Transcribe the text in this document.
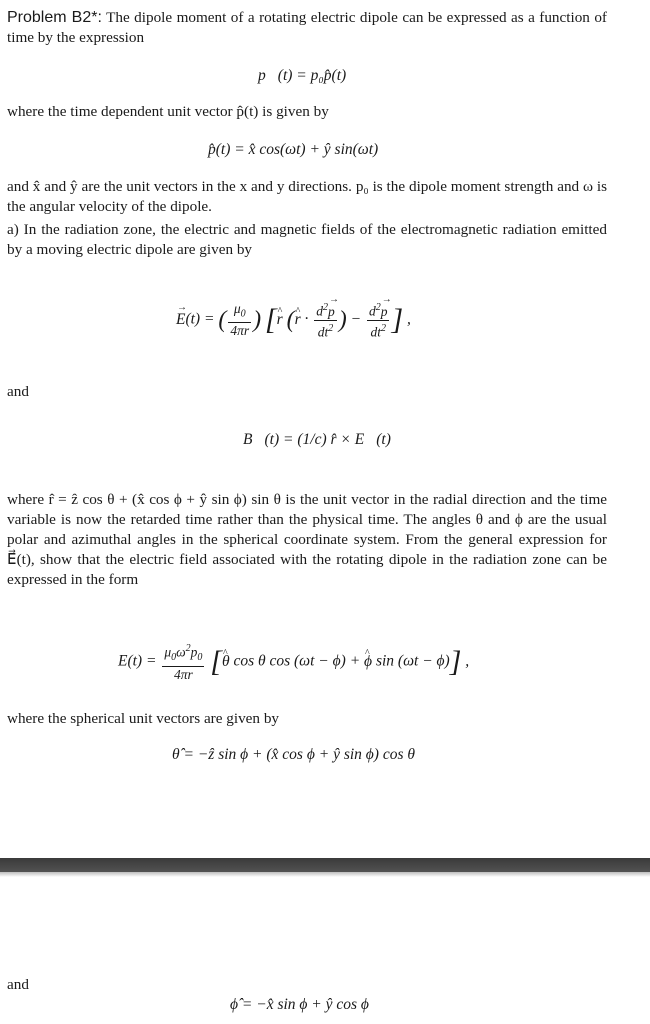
Problem B2*: The dipole moment of a rotating electric dipole can be expressed as a function of time by the expression
p⃗(t) = p₀p̂(t)
where the time dependent unit vector p̂(t) is given by
p̂(t) = x̂ cos(ωt) + ŷ sin(ωt)
and x̂ and ŷ are the unit vectors in the x and y directions. p₀ is the dipole moment strength and ω is the angular velocity of the dipole.
a) In the radiation zone, the electric and magnetic fields of the electromagnetic radiation emitted by a moving electric dipole are given by
→ E(t) = ( $\frac{\mu_0}{4\pi r}$ ) [^ r (^ $r \cdot \frac{d^2\to p}{dt^2}$ ) − $\frac{d^2\to p}{dt^2}$ ] ,
and
B⃗(t) = (1/c) r̂ × E⃗(t)
where r̂ = ẑ cos θ + (x̂ cos ϕ + ŷ sin ϕ) sin θ is the unit vector in the radial direction and the time variable is now the retarded time rather than the physical time. The angles θ and ϕ are the usual polar and azimuthal angles in the spherical coordinate system. From the general expression for E⃗(t), show that the electric field associated with the rotating dipole in the radiation zone can be expressed in the form
$E(t) = \frac{\mu_0\omega^2p_0}{4\pi r}$ [^ θ cos θ cos (ωt − ϕ) + ^ ϕ sin (ωt − ϕ)] ,
where the spherical unit vectors are given by
θ̂ = −ẑ sin ϕ + (x̂ cos ϕ + ŷ sin ϕ) cos θ
and
ϕ̂ = −x̂ sin ϕ + ŷ cos ϕ
